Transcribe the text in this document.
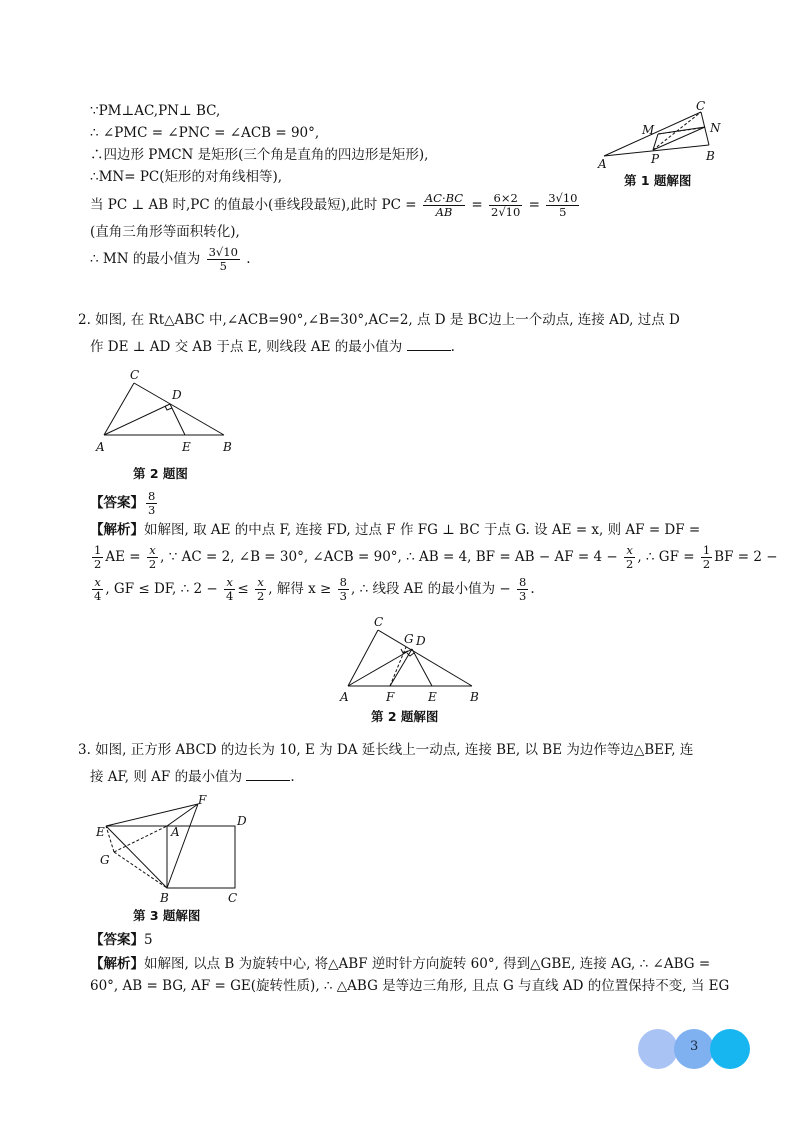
∵PM⊥AC,PN⊥ BC,
∴ ∠PMC = ∠PNC = ∠ACB = 90°,
∴四边形 PMCN 是矩形(三个角是直角的四边形是矩形),
∴MN= PC(矩形的对角线相等),
当 PC ⊥ AB 时,PC 的值最小(垂线段最短),此时 PC = $\frac{AC\cdot BC}{AB} = \frac{6\times 2}{2√10} = \frac{3√10}{5}$
(直角三角形等面积转化),
∴ MN 的最小值为 $\frac{3√10}{5}$ .
C
M	N
A	P	B
第 1 题解图
2. 如图, 在 Rt△ABC 中,∠ACB=90°,∠B=30°,AC=2, 点 D 是 BC边上一个动点, 连接 AD, 过点 D
作 DE ⊥ AD 交 AB 于点 E, 则线段 AE 的最小值为	.
C
D
A	E	B
第 2 题图
【答案】 $\frac{8}{3}$
【解析】如解图, 取 AE 的中点 F, 连接 FD, 过点 F 作 FG ⊥ BC 于点 G. 设 AE = x, 则 AF = DF =
$\frac{1}{2}$ AE = $\frac{x}{2}$ , ∵ AC = 2, ∠B = 30°, ∠ACB = 90°, ∴ AB = 4, BF = AB − AF = $4 - \frac{x}{2}$ , ∴ GF = $\frac{1}{2}$ BF = 2 −
$\frac{x}{4}$ , GF ≤ DF, ∴ $2 - \frac{x}{4} \le \frac{x}{2}$ , 解得 $x \ge \frac{8}{3}$ , ∴ 线段 AE 的最小值为 − $\frac{8}{3}$ .
C
G D
A	F	E	B
第 2 题解图
3. 如图, 正方形 ABCD 的边长为 10, E 为 DA 延长线上一动点, 连接 BE, 以 BE 为边作等边△BEF, 连
接 AF, 则 AF 的最小值为	.
F
E	A
D
G
B	C
第 3 题解图
【答案】5
【解析】如解图, 以点 B 为旋转中心, 将△ABF 逆时针方向旋转 60°, 得到△GBE, 连接 AG, ∴ ∠ABG =
60°, AB = BG, AF = GE(旋转性质), ∴ △ABG 是等边三角形, 且点 G 与直线 AD 的位置保持不变, 当 EG
3
